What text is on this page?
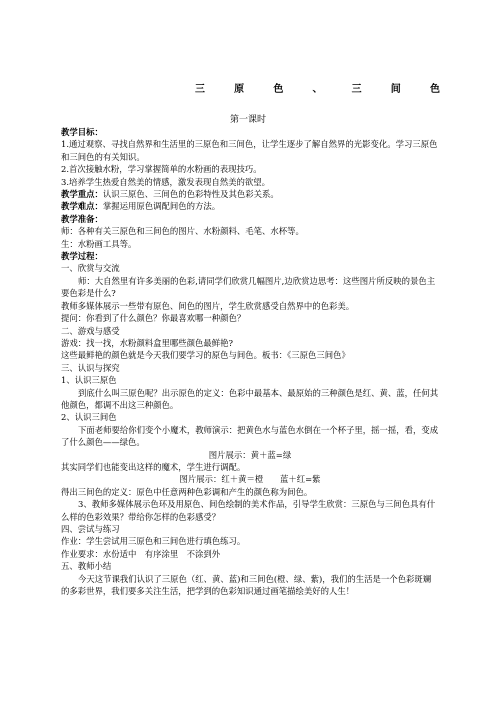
三	原	色	、	三	间	色
第一课时

教学目标：

1.通过观察、寻找自然界和生活里的三原色和三间色，让学生逐步了解自然界的光影变化。学习三原色和三间色的有关知识。

2.首次接触水粉，学习掌握简单的水粉画的表现技巧。

3.培养学生热爱自然美的情感，激发表现自然美的欲望。

教学重点：认识三原色、三间色的色彩特性及其色彩关系。

教学难点：掌握运用原色调配间色的方法。

教学准备：

师：各种有关三原色和三间色的图片、水粉颜料、毛笔、水杯等。

生：水粉画工具等。

教学过程：

一、欣赏与交流

师：大自然里有许多美丽的色彩,请同学们欣赏几幅图片,边欣赏边思考：这些图片所反映的景色主要色彩是什么?

教师多媒体展示一些带有原色、间色的图片，学生欣赏感受自然界中的色彩美。

提问：你看到了什么颜色？你最喜欢哪一种颜色？

二、游戏与感受

游戏：找一找，水粉颜料盒里哪些颜色最鲜艳?

这些最鲜艳的颜色就是今天我们要学习的原色与间色。板书：《三原色三间色》

三、认识与探究

1、认识三原色

到底什么叫三原色呢？出示原色的定义：色彩中最基本、最原始的三种颜色是红、黄、蓝，任何其他颜色，都调不出这三种颜色。

2、认识三间色

下面老师要给你们变个小魔术，教师演示：把黄色水与蓝色水倒在一个杯子里，摇一摇，看，变成了什么颜色——绿色。

图片展示：黄＋蓝=绿

其实同学们也能变出这样的魔术，学生进行调配。

图片展示：红＋黄＝橙　　蓝＋红=紫

得出三间色的定义：原色中任意两种色彩调和产生的颜色称为间色。

3、教师多媒体展示色环及用原色、间色绘制的美术作品，引导学生欣赏：三原色与三间色具有什么样的色彩效果？带给你怎样的色彩感受？

四、尝试与练习

作业：学生尝试用三原色和三间色进行填色练习。

作业要求：水份适中　有序涂里　不涂到外

五、教师小结

今天这节课我们认识了三原色（红、黄、蓝)和三间色(橙、绿、紫)，我们的生活是一个色彩斑斓的多彩世界，我们要多关注生活，把学到的色彩知识通过画笔描绘美好的人生！
